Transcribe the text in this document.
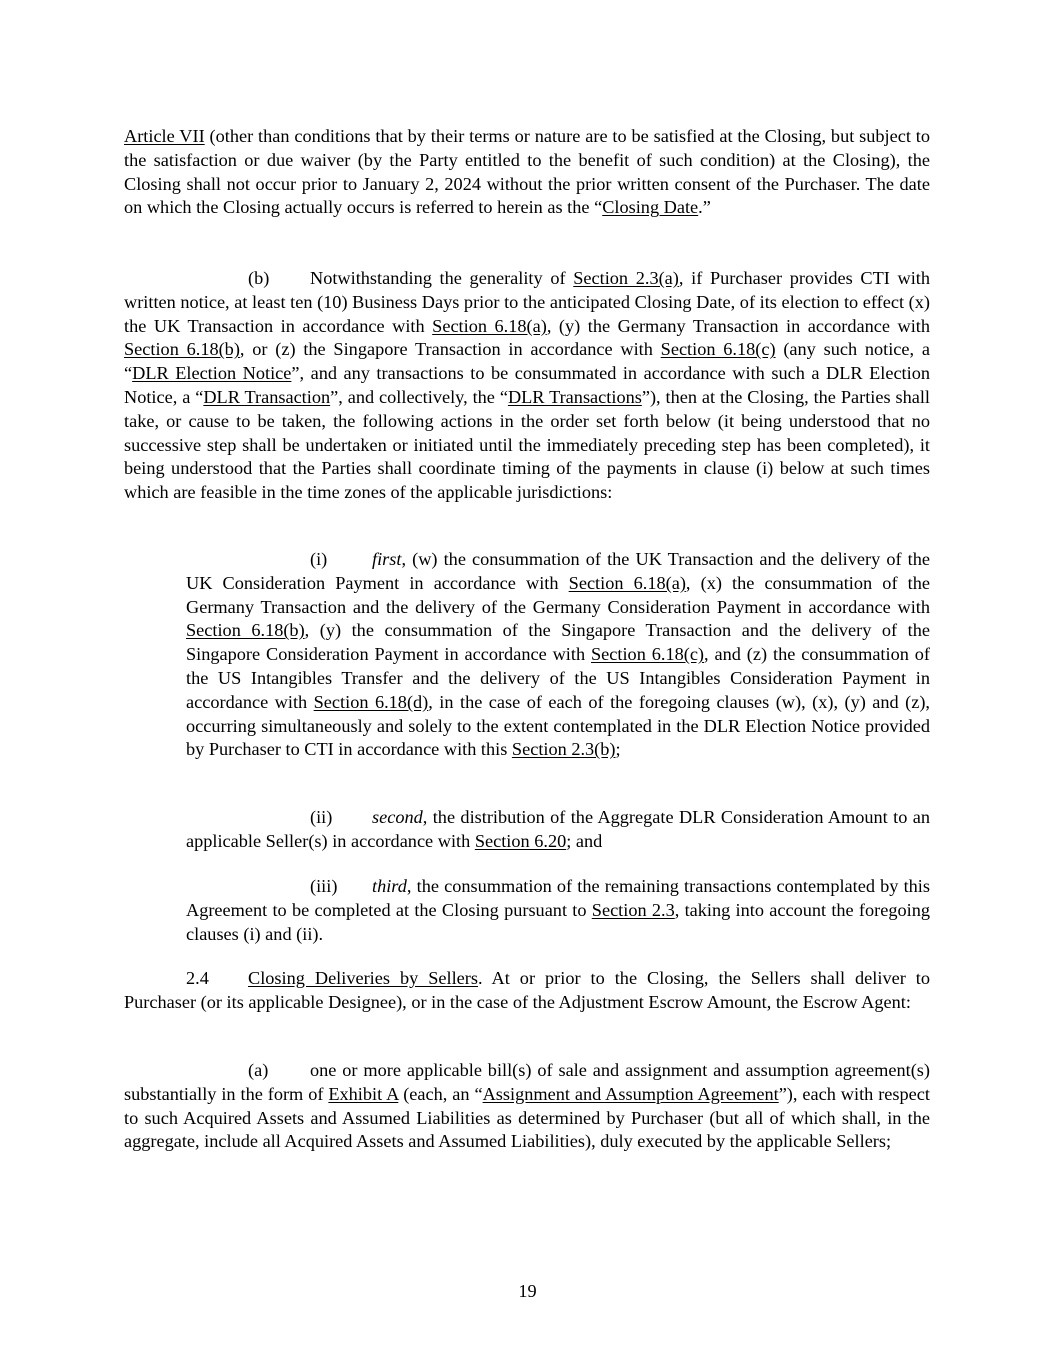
Article VII (other than conditions that by their terms or nature are to be satisfied at the Closing, but subject to the satisfaction or due waiver (by the Party entitled to the benefit of such condition) at the Closing), the Closing shall not occur prior to January 2, 2024 without the prior written consent of the Purchaser. The date on which the Closing actually occurs is referred to herein as the “Closing Date.”

(b) Notwithstanding the generality of Section 2.3(a), if Purchaser provides CTI with written notice, at least ten (10) Business Days prior to the anticipated Closing Date, of its election to effect (x) the UK Transaction in accordance with Section 6.18(a), (y) the Germany Transaction in accordance with Section 6.18(b), or (z) the Singapore Transaction in accordance with Section 6.18(c) (any such notice, a “DLR Election Notice”, and any transactions to be consummated in accordance with such a DLR Election Notice, a “DLR Transaction”, and collectively, the “DLR Transactions”), then at the Closing, the Parties shall take, or cause to be taken, the following actions in the order set forth below (it being understood that no successive step shall be undertaken or initiated until the immediately preceding step has been completed), it being understood that the Parties shall coordinate timing of the payments in clause (i) below at such times which are feasible in the time zones of the applicable jurisdictions:

(i) first, (w) the consummation of the UK Transaction and the delivery of the UK Consideration Payment in accordance with Section 6.18(a), (x) the consummation of the Germany Transaction and the delivery of the Germany Consideration Payment in accordance with Section 6.18(b), (y) the consummation of the Singapore Transaction and the delivery of the Singapore Consideration Payment in accordance with Section 6.18(c), and (z) the consummation of the US Intangibles Transfer and the delivery of the US Intangibles Consideration Payment in accordance with Section 6.18(d), in the case of each of the foregoing clauses (w), (x), (y) and (z), occurring simultaneously and solely to the extent contemplated in the DLR Election Notice provided by Purchaser to CTI in accordance with this Section 2.3(b);

(ii) second, the distribution of the Aggregate DLR Consideration Amount to an applicable Seller(s) in accordance with Section 6.20; and

(iii) third, the consummation of the remaining transactions contemplated by this Agreement to be completed at the Closing pursuant to Section 2.3, taking into account the foregoing clauses (i) and (ii).

2.4 Closing Deliveries by Sellers. At or prior to the Closing, the Sellers shall deliver to Purchaser (or its applicable Designee), or in the case of the Adjustment Escrow Amount, the Escrow Agent:

(a) one or more applicable bill(s) of sale and assignment and assumption agreement(s) substantially in the form of Exhibit A (each, an “Assignment and Assumption Agreement”), each with respect to such Acquired Assets and Assumed Liabilities as determined by Purchaser (but all of which shall, in the aggregate, include all Acquired Assets and Assumed Liabilities), duly executed by the applicable Sellers;

19
